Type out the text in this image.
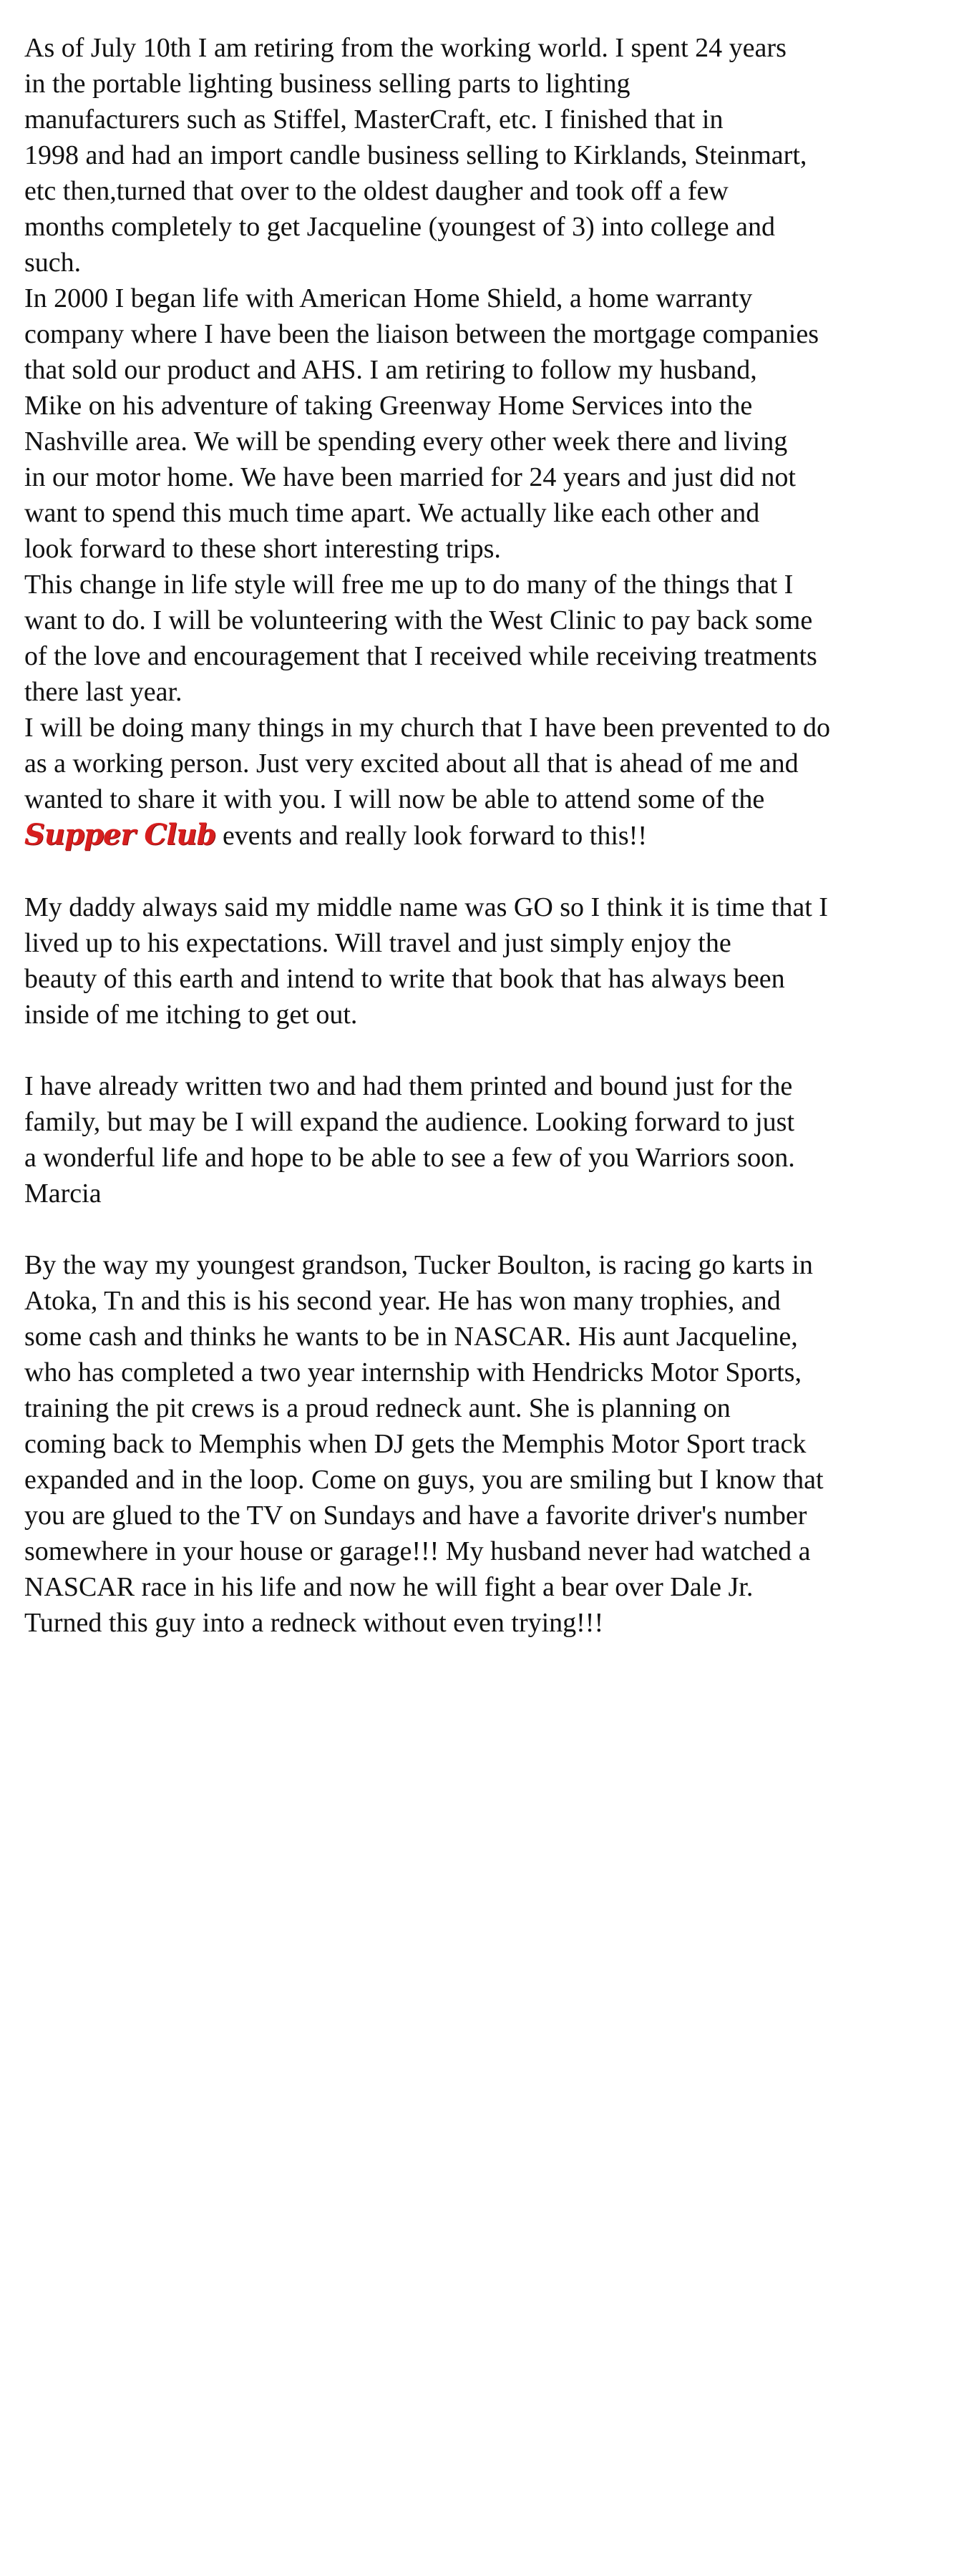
As of July 10th I am retiring from the working world. I spent 24 years

in the portable lighting business selling parts to lighting

manufacturers such as Stiffel, MasterCraft, etc. I finished that in

1998 and had an import candle business selling to Kirklands, Steinmart,

etc then,turned that over to the oldest daugher and took off a few

months completely to get Jacqueline (youngest of 3) into college and

such.

In 2000 I began life with American Home Shield, a home warranty

company where I have been the liaison between the mortgage companies

that sold our product and AHS. I am retiring to follow my husband,

Mike on his adventure of taking Greenway Home Services into the

Nashville area. We will be spending every other week there and living

in our motor home. We have been married for 24 years and just did not

want to spend this much time apart. We actually like each other and

look forward to these short interesting trips.

This change in life style will free me up to do many of the things that I

want to do. I will be volunteering with the West Clinic to pay back some

of the love and encouragement that I received while receiving treatments

there last year.

I will be doing many things in my church that I have been prevented to do

as a working person. Just very excited about all that is ahead of me and

wanted to share it with you. I will now be able to attend some of the

Supper Club events and really look forward to this!!

My daddy always said my middle name was GO so I think it is time that I

lived up to his expectations. Will travel and just simply enjoy the

beauty of this earth and intend to write that book that has always been

inside of me itching to get out.

I have already written two and had them printed and bound just for the

family, but may be I will expand the audience. Looking forward to just

a wonderful life and hope to be able to see a few of you Warriors soon.

Marcia

By the way my youngest grandson, Tucker Boulton, is racing go karts in

Atoka, Tn and this is his second year. He has won many trophies, and

some cash and thinks he wants to be in NASCAR. His aunt Jacqueline,

who has completed a two year internship with Hendricks Motor Sports,

training the pit crews is a proud redneck aunt. She is planning on

coming back to Memphis when DJ gets the Memphis Motor Sport track

expanded and in the loop. Come on guys, you are smiling but I know that

you are glued to the TV on Sundays and have a favorite driver's number

somewhere in your house or garage!!! My husband never had watched a

NASCAR race in his life and now he will fight a bear over Dale Jr.

Turned this guy into a redneck without even trying!!!
